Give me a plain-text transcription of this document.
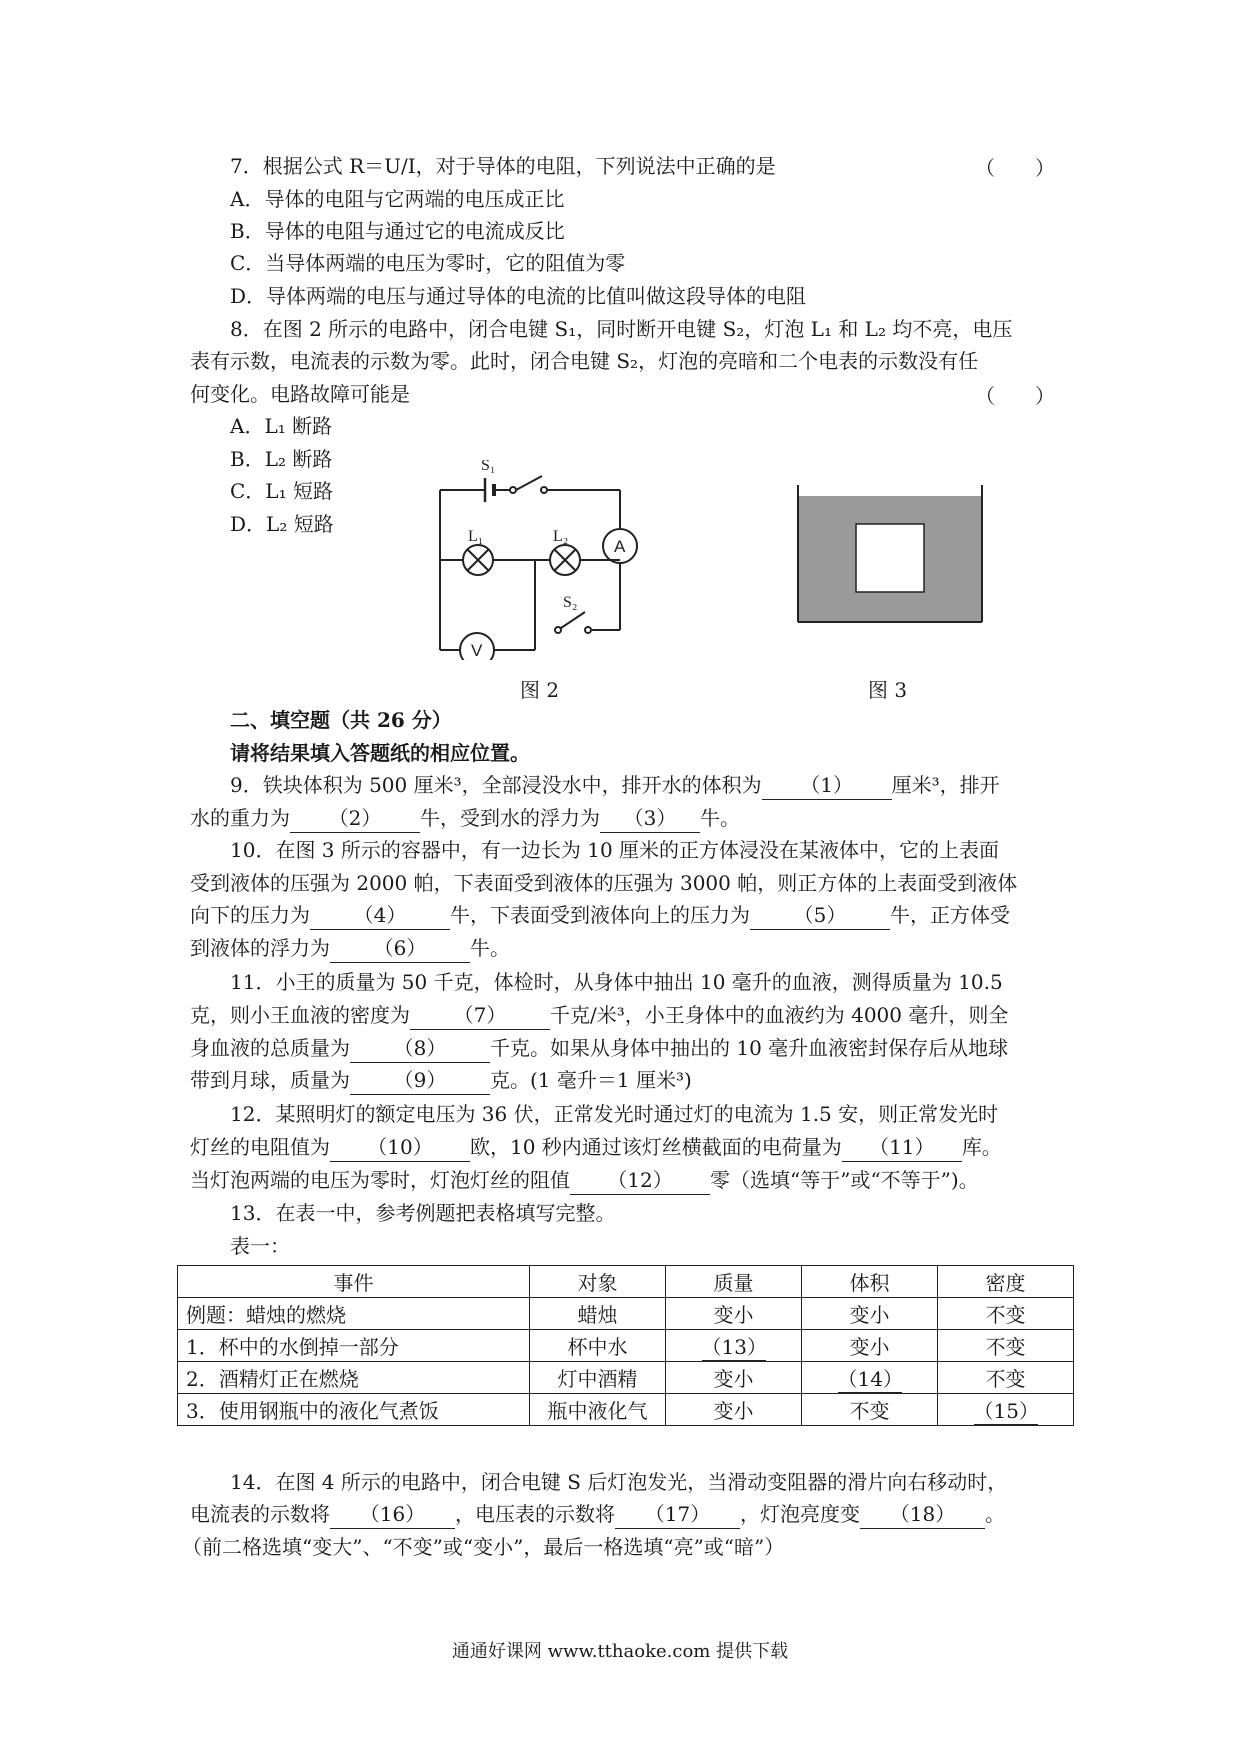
7．根据公式 R＝U/I，对于导体的电阻，下列说法中正确的是	（　　）
A．导体的电阻与它两端的电压成正比
B．导体的电阻与通过它的电流成反比
C．当导体两端的电压为零时，它的阻值为零
D．导体两端的电压与通过导体的电流的比值叫做这段导体的电阻
8．在图 2 所示的电路中，闭合电键 S₁，同时断开电键 S₂，灯泡 L₁ 和 L₂ 均不亮，电压
表有示数，电流表的示数为零。此时，闭合电键 S₂，灯泡的亮暗和二个电表的示数没有任
何变化。电路故障可能是	（　　）
A．L₁ 断路
B．L₂ 断路
C．L₁ 短路
D．L₂ 短路
S₁
L₁	L₂
A
V
S₂
图 2	图 3
二、填空题（共 26 分）
请将结果填入答题纸的相应位置。
9．铁块体积为 500 厘米³，全部浸没水中，排开水的体积为 （1） 厘米³，排开
水的重力为 （2） 牛，受到水的浮力为 （3） 牛。
10．在图 3 所示的容器中，有一边长为 10 厘米的正方体浸没在某液体中，它的上表面
受到液体的压强为 2000 帕，下表面受到液体的压强为 3000 帕，则正方体的上表面受到液体
向下的压力为 （4） 牛，下表面受到液体向上的压力为 （5） 牛，正方体受
到液体的浮力为 （6） 牛。
11．小王的质量为 50 千克，体检时，从身体中抽出 10 毫升的血液，测得质量为 10.5
克，则小王血液的密度为 （7） 千克/米³，小王身体中的血液约为 4000 毫升，则全
身血液的总质量为 （8） 千克。如果从身体中抽出的 10 毫升血液密封保存后从地球
带到月球，质量为 （9） 克。(1 毫升＝1 厘米³)
12．某照明灯的额定电压为 36 伏，正常发光时通过灯的电流为 1.5 安，则正常发光时
灯丝的电阻值为 （10） 欧，10 秒内通过该灯丝横截面的电荷量为 （11） 库。
当灯泡两端的电压为零时，灯泡灯丝的阻值 （12） 零（选填“等于”或“不等于”)。
13．在表一中，参考例题把表格填写完整。
表一：
事件	对象	质量	体积	密度
例题：蜡烛的燃烧	蜡烛	变小	变小	不变
1．杯中的水倒掉一部分	杯中水	（13）	变小	不变
2．酒精灯正在燃烧	灯中酒精	变小	（14）	不变
3．使用钢瓶中的液化气煮饭	瓶中液化气	变小	不变	（15）
14．在图 4 所示的电路中，闭合电键 S 后灯泡发光，当滑动变阻器的滑片向右移动时，
电流表的示数将 （16） ，电压表的示数将 （17） ，灯泡亮度变 （18） 。
（前二格选填“变大”、“不变”或“变小”，最后一格选填“亮”或“暗”）
通通好课网 www.tthaoke.com 提供下载
